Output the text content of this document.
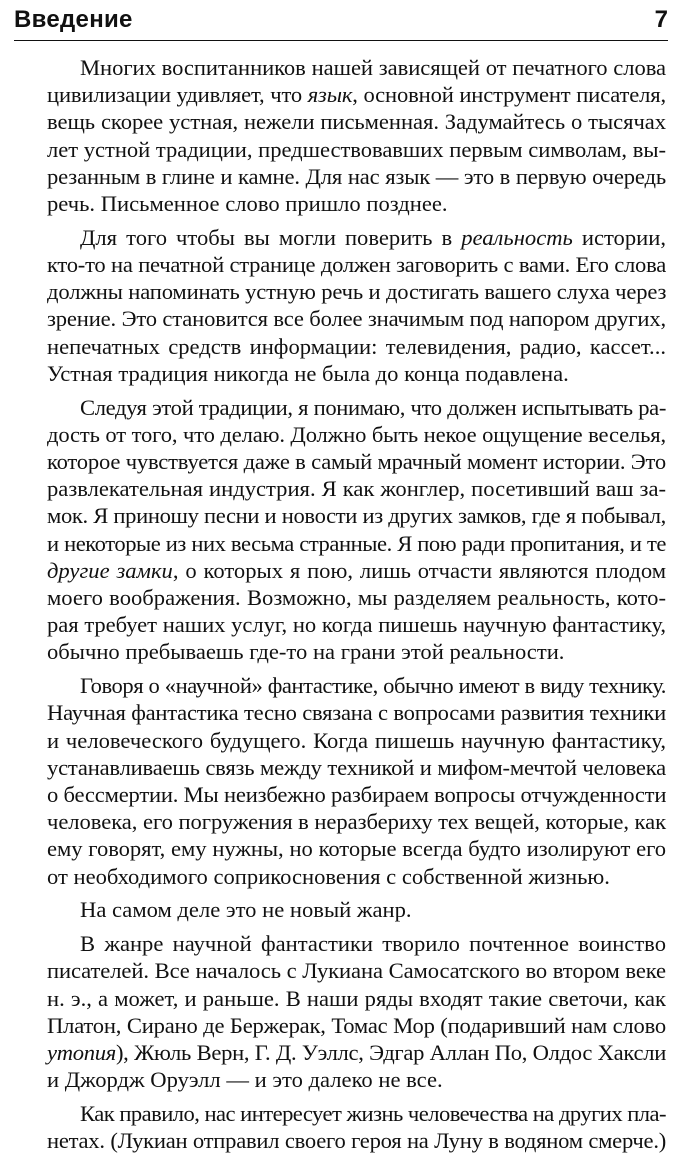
Введение	7
Многих воспитанников нашей зависящей от печатного слова
цивилизации удивляет, что язык, основной инструмент писателя,
вещь скорее устная, нежели письменная. Задумайтесь о тысячах
лет устной традиции, предшествовавших первым символам, вы-
резанным в глине и камне. Для нас язык — это в первую очередь
речь. Письменное слово пришло позднее.
Для того чтобы вы могли поверить в реальность истории,
кто-то на печатной странице должен заговорить с вами. Его слова
должны напоминать устную речь и достигать вашего слуха через
зрение. Это становится все более значимым под напором других,
непечатных средств информации: телевидения, радио, кассет...
Устная традиция никогда не была до конца подавлена.
Следуя этой традиции, я понимаю, что должен испытывать ра-
дость от того, что делаю. Должно быть некое ощущение веселья,
которое чувствуется даже в самый мрачный момент истории. Это
развлекательная индустрия. Я как жонглер, посетивший ваш за-
мок. Я приношу песни и новости из других замков, где я побывал,
и некоторые из них весьма странные. Я пою ради пропитания, и те
другие замки, о которых я пою, лишь отчасти являются плодом
моего воображения. Возможно, мы разделяем реальность, кото-
рая требует наших услуг, но когда пишешь научную фантастику,
обычно пребываешь где-то на грани этой реальности.
Говоря о «научной» фантастике, обычно имеют в виду технику.
Научная фантастика тесно связана с вопросами развития техники
и человеческого будущего. Когда пишешь научную фантастику,
устанавливаешь связь между техникой и мифом-мечтой человека
о бессмертии. Мы неизбежно разбираем вопросы отчужденности
человека, его погружения в неразбериху тех вещей, которые, как
ему говорят, ему нужны, но которые всегда будто изолируют его
от необходимого соприкосновения с собственной жизнью.
На самом деле это не новый жанр.
В жанре научной фантастики творило почтенное воинство
писателей. Все началось с Лукиана Самосатского во втором веке
н. э., а может, и раньше. В наши ряды входят такие светочи, как
Платон, Сирано де Бержерак, Томас Мор (подаривший нам слово
утопия), Жюль Верн, Г. Д. Уэллс, Эдгар Аллан По, Олдос Хаксли
и Джордж Оруэлл — и это далеко не все.
Как правило, нас интересует жизнь человечества на других пла-
нетах. (Лукиан отправил своего героя на Луну в водяном смерче.)
